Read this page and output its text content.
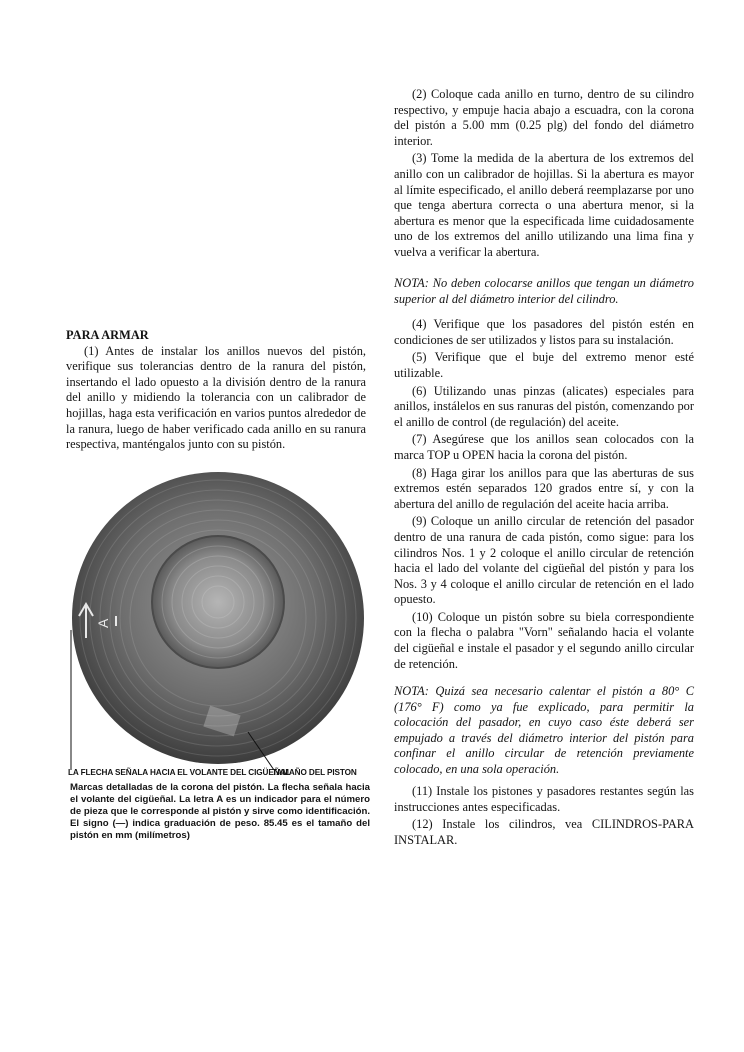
(2) Coloque cada anillo en turno, dentro de su cilindro respectivo, y empuje hacia abajo a escuadra, con la corona del pistón a 5.00 mm (0.25 plg) del fondo del diámetro interior.

(3) Tome la medida de la abertura de los extremos del anillo con un calibrador de hojillas. Si la abertura es mayor al límite especificado, el anillo deberá reemplazarse por uno que tenga abertura correcta o una abertura menor, si la abertura es menor que la especificada lime cuidadosamente uno de los extremos del anillo utilizando una lima fina y vuelva a verificar la abertura.

NOTA: No deben colocarse anillos que tengan un diámetro superior al del diámetro interior del cilindro.

(4) Verifique que los pasadores del pistón estén en condiciones de ser utilizados y listos para su instalación.

(5) Verifique que el buje del extremo menor esté utilizable.

(6) Utilizando unas pinzas (alicates) especiales para anillos, instálelos en sus ranuras del pistón, comenzando por el anillo de control (de regulación) del aceite.

(7) Asegúrese que los anillos sean colocados con la marca TOP u OPEN hacia la corona del pistón.

(8) Haga girar los anillos para que las aberturas de sus extremos estén separados 120 grados entre sí, y con la abertura del anillo de regulación del aceite hacia arriba.

(9) Coloque un anillo circular de retención del pasador dentro de una ranura de cada pistón, como sigue: para los cilindros Nos. 1 y 2 coloque el anillo circular de retención hacia el lado del volante del cigüeñal del pistón y para los Nos. 3 y 4 coloque el anillo circular de retención en el lado opuesto.

(10) Coloque un pistón sobre su biela correspondiente con la flecha o palabra "Vorn" señalando hacia el volante del cigüeñal e instale el pasador y el segundo anillo circular de retención.

NOTA: Quizá sea necesario calentar el pistón a 80° C (176° F) como ya fue explicado, para permitir la colocación del pasador, en cuyo caso éste deberá ser empujado a través del diámetro interior del pistón para confinar el anillo circular de retención previamente colocado, en una sola operación.

(11) Instale los pistones y pasadores restantes según las instrucciones antes especificadas.

(12) Instale los cilindros, vea CILINDROS-PARA INSTALAR.

PARA ARMAR

(1) Antes de instalar los anillos nuevos del pistón, verifique sus tolerancias dentro de la ranura del pistón, insertando el lado opuesto a la división dentro de la ranura del anillo y midiendo la tolerancia con un calibrador de hojillas, haga esta verificación en varios puntos alrededor de la ranura, luego de haber verificado cada anillo en su ranura respectiva, manténgalos junto con su pistón.

A
LA FLECHA SEÑALA HACIA EL VOLANTE DEL CIGÜEÑAL
TAMAÑO DEL PISTON
Marcas detalladas de la corona del pistón. La flecha señala hacia el volante del cigüeñal. La letra A es un indicador para el número de pieza que le corresponde al pistón y sirve como identificación. El signo (—) indica graduación de peso. 85.45 es el tamaño del pistón en mm (milímetros)
